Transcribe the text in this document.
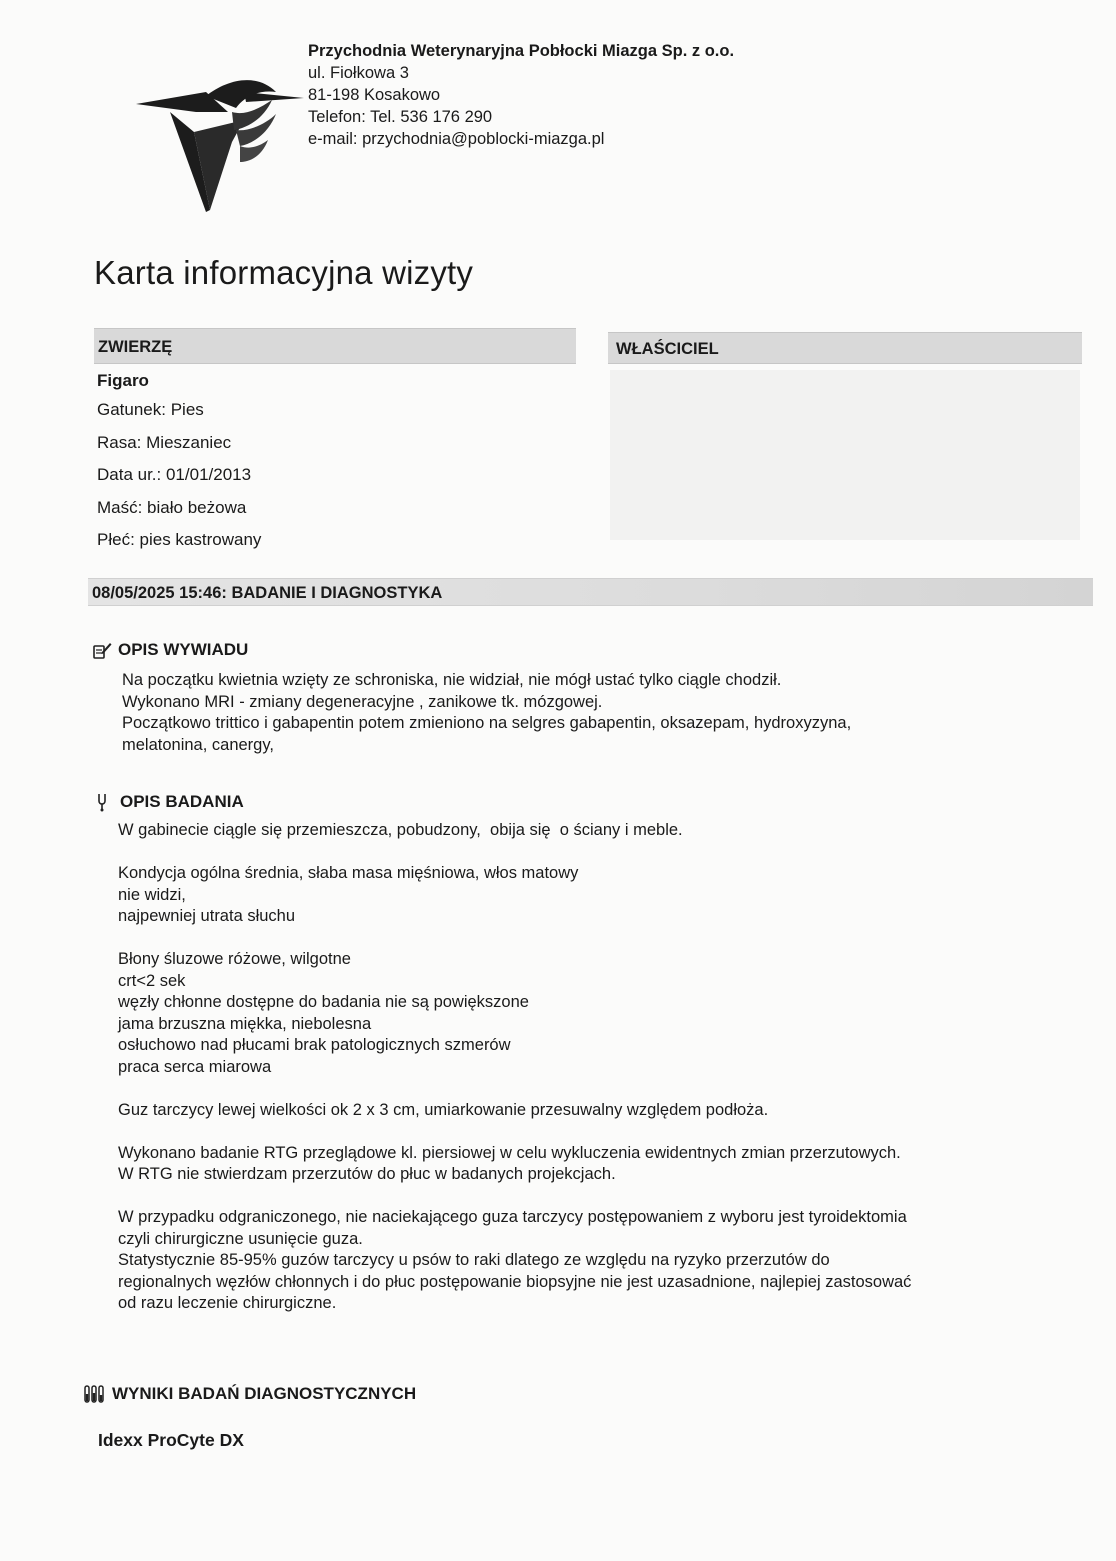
Przychodnia Weterynaryjna Pobłocki Miazga Sp. z o.o.
ul. Fiołkowa 3
81-198 Kosakowo
Telefon: Tel. 536 176 290
e-mail: przychodnia@poblocki-miazga.pl
Karta informacyjna wizyty
ZWIERZĘ	WŁAŚCICIEL
Figaro
Gatunek: Pies
Rasa: Mieszaniec
Data ur.: 01/01/2013
Maść: biało beżowa
Płeć: pies kastrowany
08/05/2025 15:46: BADANIE I DIAGNOSTYKA
OPIS WYWIADU

Na początku kwietnia wzięty ze schroniska, nie widział, nie mógł ustać tylko ciągle chodził.

Wykonano MRI - zmiany degeneracyjne , zanikowe tk. mózgowej.

Początkowo trittico i gabapentin potem zmieniono na selgres gabapentin, oksazepam, hydroxyzyna,

melatonina, canergy,

OPIS BADANIA

W gabinecie ciągle się przemieszcza, pobudzony,  obija się  o ściany i meble.

Kondycja ogólna średnia, słaba masa mięśniowa, włos matowy

nie widzi,

najpewniej utrata słuchu

Błony śluzowe różowe, wilgotne

crt<2 sek

węzły chłonne dostępne do badania nie są powiększone

jama brzuszna miękka, niebolesna

osłuchowo nad płucami brak patologicznych szmerów

praca serca miarowa

Guz tarczycy lewej wielkości ok 2 x 3 cm, umiarkowanie przesuwalny względem podłoża.

Wykonano badanie RTG przeglądowe kl. piersiowej w celu wykluczenia ewidentnych zmian przerzutowych.

W RTG nie stwierdzam przerzutów do płuc w badanych projekcjach.

W przypadku odgraniczonego, nie naciekającego guza tarczycy postępowaniem z wyboru jest tyroidektomia

czyli chirurgiczne usunięcie guza.

Statystycznie 85-95% guzów tarczycy u psów to raki dlatego ze względu na ryzyko przerzutów do

regionalnych węzłów chłonnych i do płuc postępowanie biopsyjne nie jest uzasadnione, najlepiej zastosować

od razu leczenie chirurgiczne.

WYNIKI BADAŃ DIAGNOSTYCZNYCH
Idexx ProCyte DX
